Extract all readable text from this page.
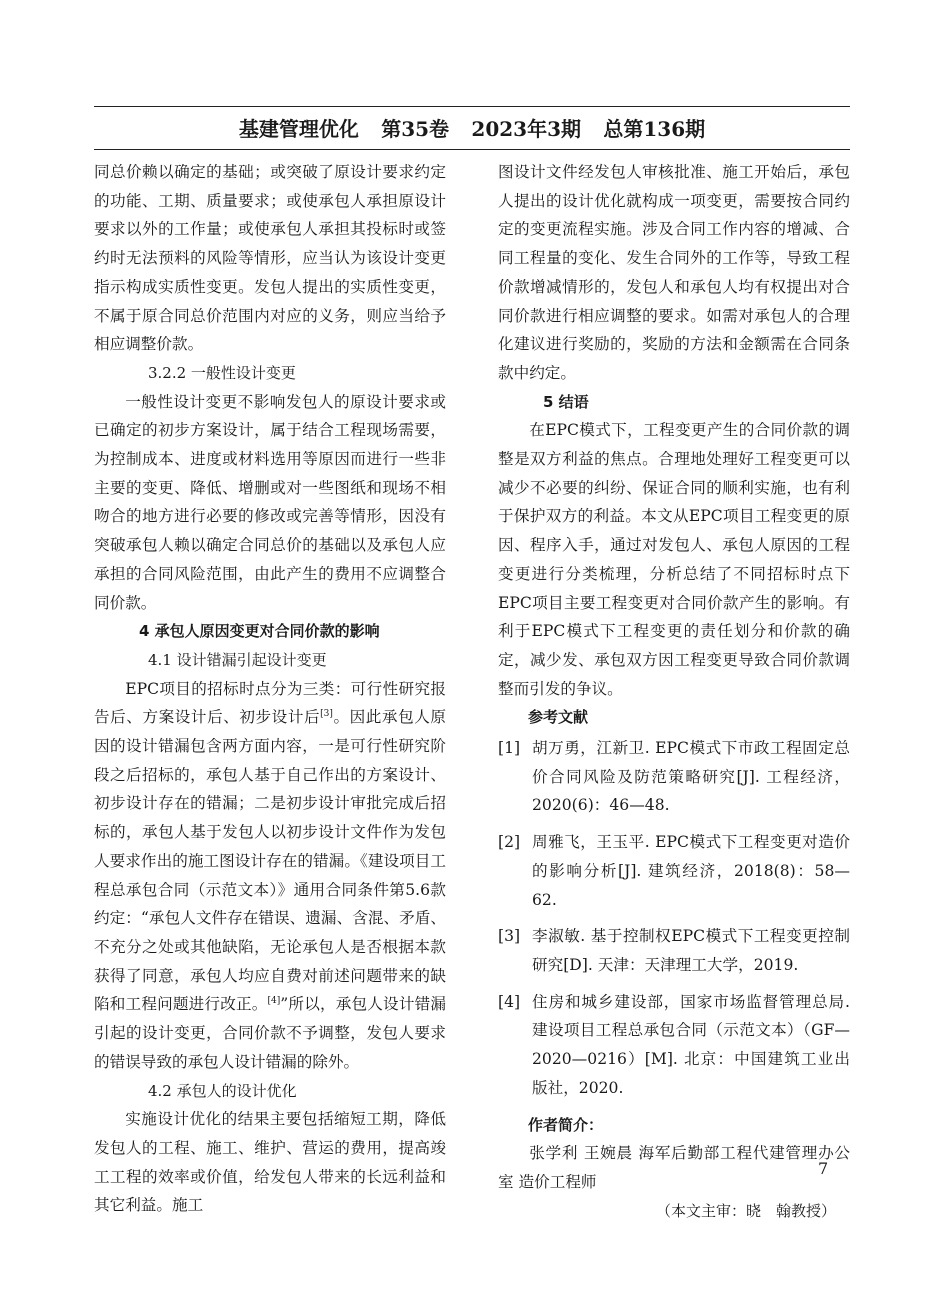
基建管理优化 第35卷 2023年3期 总第136期

同总价赖以确定的基础；或突破了原设计要求约定的功能、工期、质量要求；或使承包人承担原设计要求以外的工作量；或使承包人承担其投标时或签约时无法预料的风险等情形，应当认为该设计变更指示构成实质性变更。发包人提出的实质性变更，不属于原合同总价范围内对应的义务，则应当给予相应调整价款。

3.2.2 一般性设计变更

一般性设计变更不影响发包人的原设计要求或已确定的初步方案设计，属于结合工程现场需要，为控制成本、进度或材料选用等原因而进行一些非主要的变更、降低、增删或对一些图纸和现场不相吻合的地方进行必要的修改或完善等情形，因没有突破承包人赖以确定合同总价的基础以及承包人应承担的合同风险范围，由此产生的费用不应调整合同价款。

4 承包人原因变更对合同价款的影响

4.1 设计错漏引起设计变更

EPC项目的招标时点分为三类：可行性研究报告后、方案设计后、初步设计后[3]。因此承包人原因的设计错漏包含两方面内容，一是可行性研究阶段之后招标的，承包人基于自己作出的方案设计、初步设计存在的错漏；二是初步设计审批完成后招标的，承包人基于发包人以初步设计文件作为发包人要求作出的施工图设计存在的错漏。《建设项目工程总承包合同（示范文本）》通用合同条件第5.6款约定：“承包人文件存在错误、遗漏、含混、矛盾、不充分之处或其他缺陷，无论承包人是否根据本款获得了同意，承包人均应自费对前述问题带来的缺陷和工程问题进行改正。[4]”所以，承包人设计错漏引起的设计变更，合同价款不予调整，发包人要求的错误导致的承包人设计错漏的除外。

4.2 承包人的设计优化

实施设计优化的结果主要包括缩短工期，降低发包人的工程、施工、维护、营运的费用，提高竣工工程的效率或价值，给发包人带来的长远利益和其它利益。施工

图设计文件经发包人审核批准、施工开始后，承包人提出的设计优化就构成一项变更，需要按合同约定的变更流程实施。涉及合同工作内容的增减、合同工程量的变化、发生合同外的工作等，导致工程价款增减情形的，发包人和承包人均有权提出对合同价款进行相应调整的要求。如需对承包人的合理化建议进行奖励的，奖励的方法和金额需在合同条款中约定。

5 结语

在EPC模式下，工程变更产生的合同价款的调整是双方利益的焦点。合理地处理好工程变更可以减少不必要的纠纷、保证合同的顺利实施，也有利于保护双方的利益。本文从EPC项目工程变更的原因、程序入手，通过对发包人、承包人原因的工程变更进行分类梳理，分析总结了不同招标时点下EPC项目主要工程变更对合同价款产生的影响。有利于EPC模式下工程变更的责任划分和价款的确定，减少发、承包双方因工程变更导致合同价款调整而引发的争议。

参考文献

[1] 胡万勇，江新卫. EPC模式下市政工程固定总价合同风险及防范策略研究[J]. 工程经济，2020(6)：46—48.
[2] 周雅飞，王玉平. EPC模式下工程变更对造价的影响分析[J]. 建筑经济，2018(8)：58—62.
[3] 李淑敏. 基于控制权EPC模式下工程变更控制研究[D]. 天津：天津理工大学，2019.
[4] 住房和城乡建设部，国家市场监督管理总局. 建设项目工程总承包合同（示范文本）（GF—2020—0216）[M]. 北京：中国建筑工业出版社，2020.

作者简介：

张学利 王婉晨 海军后勤部工程代建管理办公室 造价工程师

（本文主审：晓　翰教授）

7
